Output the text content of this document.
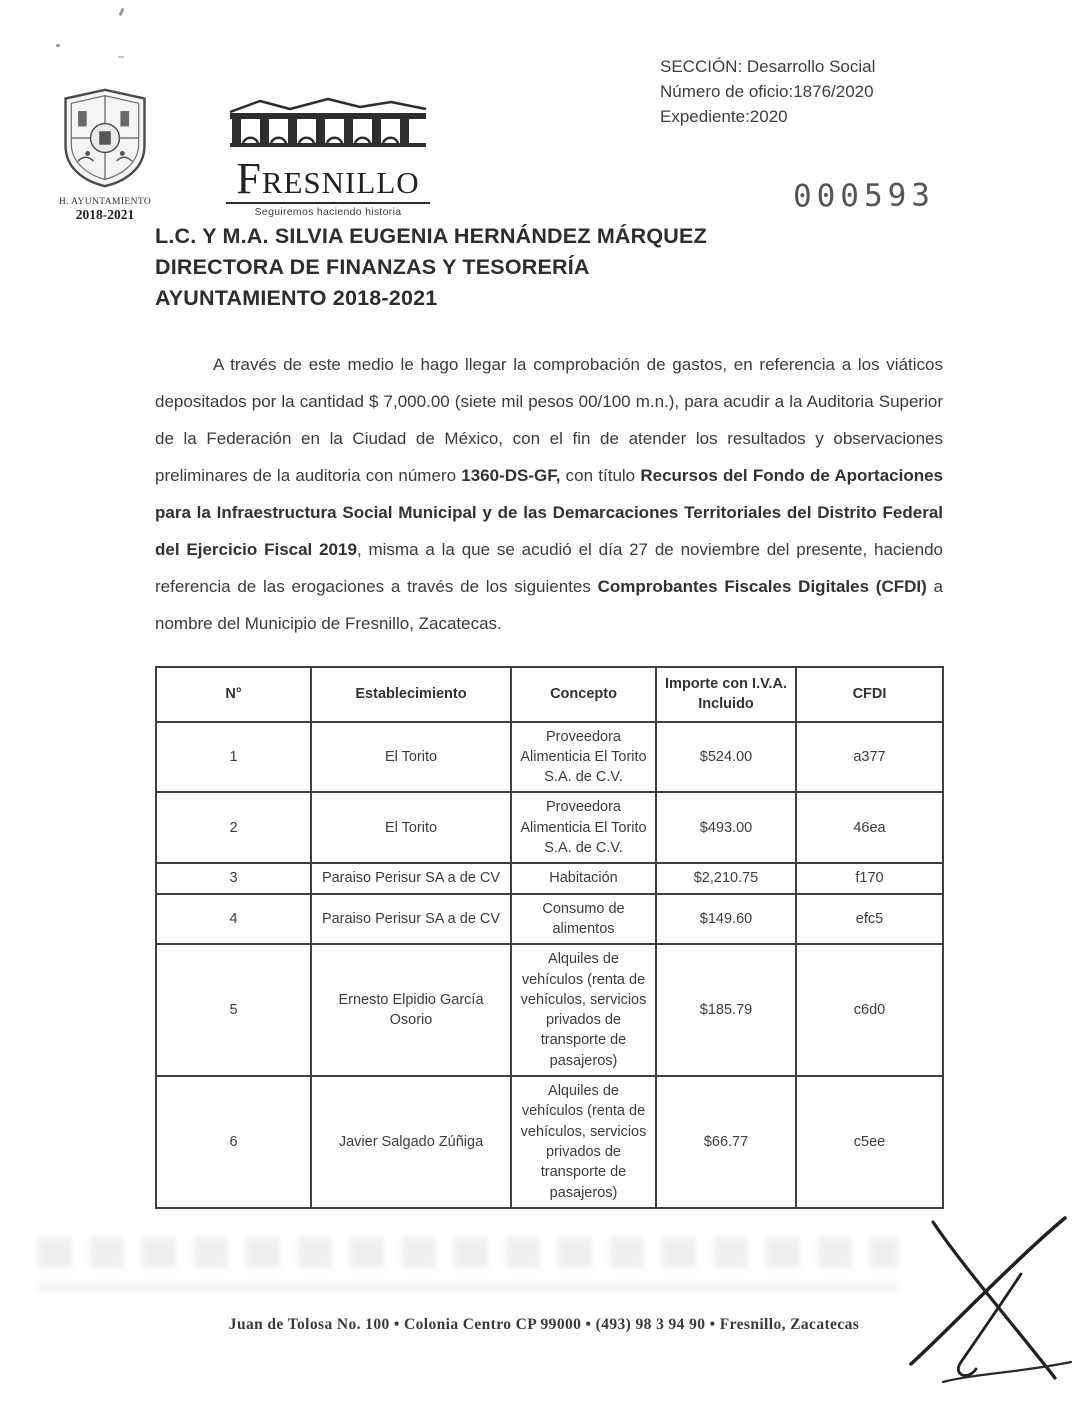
SECCIÓN: Desarrollo Social
Número de oficio:1876/2020
Expediente:2020
H. AYUNTAMIENTO
2018-2021
Fresnillo
Seguiremos haciendo historia	000593
L.C. Y M.A. SILVIA EUGENIA HERNÁNDEZ MÁRQUEZ
DIRECTORA DE FINANZAS Y TESORERÍA
AYUNTAMIENTO 2018-2021

A través de este medio le hago llegar la comprobación de gastos, en referencia a los viáticos depositados por la cantidad $ 7,000.00 (siete mil pesos 00/100 m.n.), para acudir a la Auditoria Superior de la Federación en la Ciudad de México, con el fin de atender los resultados y observaciones preliminares de la auditoria con número 1360-DS-GF, con título Recursos del Fondo de Aportaciones para la Infraestructura Social Municipal y de las Demarcaciones Territoriales del Distrito Federal del Ejercicio Fiscal 2019, misma a la que se acudió el día 27 de noviembre del presente, haciendo referencia de las erogaciones a través de los siguientes Comprobantes Fiscales Digitales (CFDI) a nombre del Municipio de Fresnillo, Zacatecas.

N°	Establecimiento	Concepto	Importe con I.V.A. Incluido	CFDI
1	El Torito	Proveedora Alimenticia El Torito S.A. de C.V.	$524.00	a377
2	El Torito	Proveedora Alimenticia El Torito S.A. de C.V.	$493.00	46ea
3	Paraiso Perisur SA a de CV	Habitación	$2,210.75	f170
4	Paraiso Perisur SA a de CV	Consumo de alimentos	$149.60	efc5
5	Ernesto Elpidio García Osorio	Alquiles de vehículos (renta de vehículos, servicios privados de transporte de pasajeros)	$185.79	c6d0
6	Javier Salgado Zúñiga	Alquiles de vehículos (renta de vehículos, servicios privados de transporte de pasajeros)	$66.77	c5ee
Juan de Tolosa No. 100 • Colonia Centro CP 99000 • (493) 98 3 94 90 • Fresnillo, Zacatecas
